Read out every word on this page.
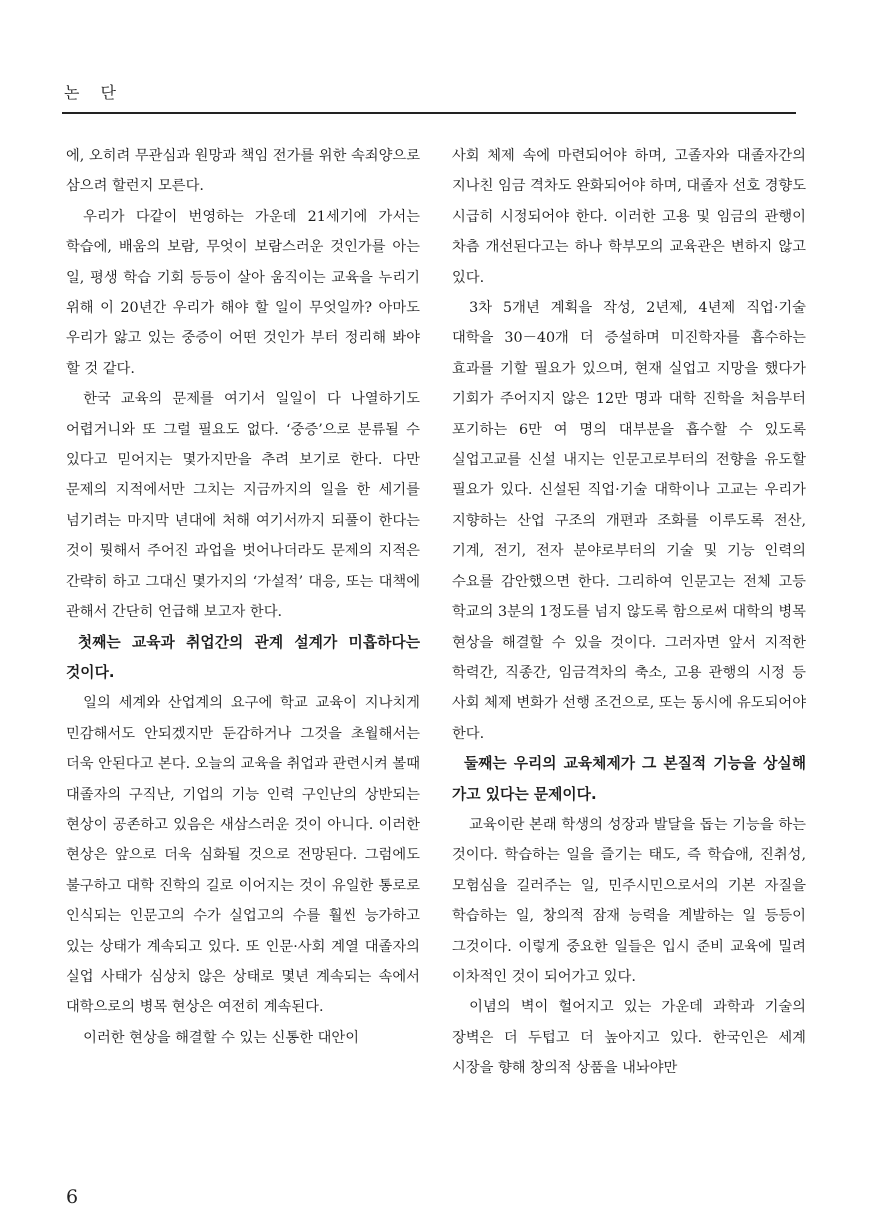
논 단

에, 오히려 무관심과 원망과 책임 전가를 위한 속죄양으로 삼으려 할런지 모른다.

우리가 다같이 번영하는 가운데 21세기에 가서는 학습에, 배움의 보람, 무엇이 보람스러운 것인가를 아는 일, 평생 학습 기회 등등이 살아 움직이는 교육을 누리기 위해 이 20년간 우리가 해야 할 일이 무엇일까? 아마도 우리가 앓고 있는 중증이 어떤 것인가 부터 정리해 봐야 할 것 같다.

한국 교육의 문제를 여기서 일일이 다 나열하기도 어렵거니와 또 그럴 필요도 없다. ‘중증’으로 분류될 수 있다고 믿어지는 몇가지만을 추려 보기로 한다. 다만 문제의 지적에서만 그치는 지금까지의 일을 한 세기를 넘기려는 마지막 년대에 처해 여기서까지 되풀이 한다는 것이 뭣해서 주어진 과업을 벗어나더라도 문제의 지적은 간략히 하고 그대신 몇가지의 ‘가설적’ 대응, 또는 대책에 관해서 간단히 언급해 보고자 한다.

첫째는 교육과 취업간의 관계 설계가 미흡하다는 것이다.

일의 세계와 산업계의 요구에 학교 교육이 지나치게 민감해서도 안되겠지만 둔감하거나 그것을 초월해서는 더욱 안된다고 본다. 오늘의 교육을 취업과 관련시켜 볼때 대졸자의 구직난, 기업의 기능 인력 구인난의 상반되는 현상이 공존하고 있음은 새삼스러운 것이 아니다. 이러한 현상은 앞으로 더욱 심화될 것으로 전망된다. 그럼에도 불구하고 대학 진학의 길로 이어지는 것이 유일한 통로로 인식되는 인문고의 수가 실업고의 수를 훨씬 능가하고 있는 상태가 계속되고 있다. 또 인문·사회 계열 대졸자의 실업 사태가 심상치 않은 상태로 몇년 계속되는 속에서 대학으로의 병목 현상은 여전히 계속된다.

이러한 현상을 해결할 수 있는 신통한 대안이

사회 체제 속에 마련되어야 하며, 고졸자와 대졸자간의 지나친 임금 격차도 완화되어야 하며, 대졸자 선호 경향도 시급히 시정되어야 한다. 이러한 고용 및 임금의 관행이 차츰 개선된다고는 하나 학부모의 교육관은 변하지 않고 있다.

3차 5개년 계획을 작성, 2년제, 4년제 직업·기술 대학을 30－40개 더 증설하며 미진학자를 흡수하는 효과를 기할 필요가 있으며, 현재 실업고 지망을 했다가 기회가 주어지지 않은 12만 명과 대학 진학을 처음부터 포기하는 6만 여 명의 대부분을 흡수할 수 있도록 실업고교를 신설 내지는 인문고로부터의 전향을 유도할 필요가 있다. 신설된 직업·기술 대학이나 고교는 우리가 지향하는 산업 구조의 개편과 조화를 이루도록 전산, 기계, 전기, 전자 분야로부터의 기술 및 기능 인력의 수요를 감안했으면 한다. 그리하여 인문고는 전체 고등 학교의 3분의 1정도를 넘지 않도록 함으로써 대학의 병목 현상을 해결할 수 있을 것이다. 그러자면 앞서 지적한 학력간, 직종간, 임금격차의 축소, 고용 관행의 시정 등 사회 체제 변화가 선행 조건으로, 또는 동시에 유도되어야 한다.

둘째는 우리의 교육체제가 그 본질적 기능을 상실해 가고 있다는 문제이다.

교육이란 본래 학생의 성장과 발달을 돕는 기능을 하는 것이다. 학습하는 일을 즐기는 태도, 즉 학습애, 진취성, 모험심을 길러주는 일, 민주시민으로서의 기본 자질을 학습하는 일, 창의적 잠재 능력을 계발하는 일 등등이 그것이다. 이렇게 중요한 일들은 입시 준비 교육에 밀려 이차적인 것이 되어가고 있다.

이념의 벽이 헐어지고 있는 가운데 과학과 기술의 장벽은 더 두텁고 더 높아지고 있다. 한국인은 세계 시장을 향해 창의적 상품을 내놔야만

6
